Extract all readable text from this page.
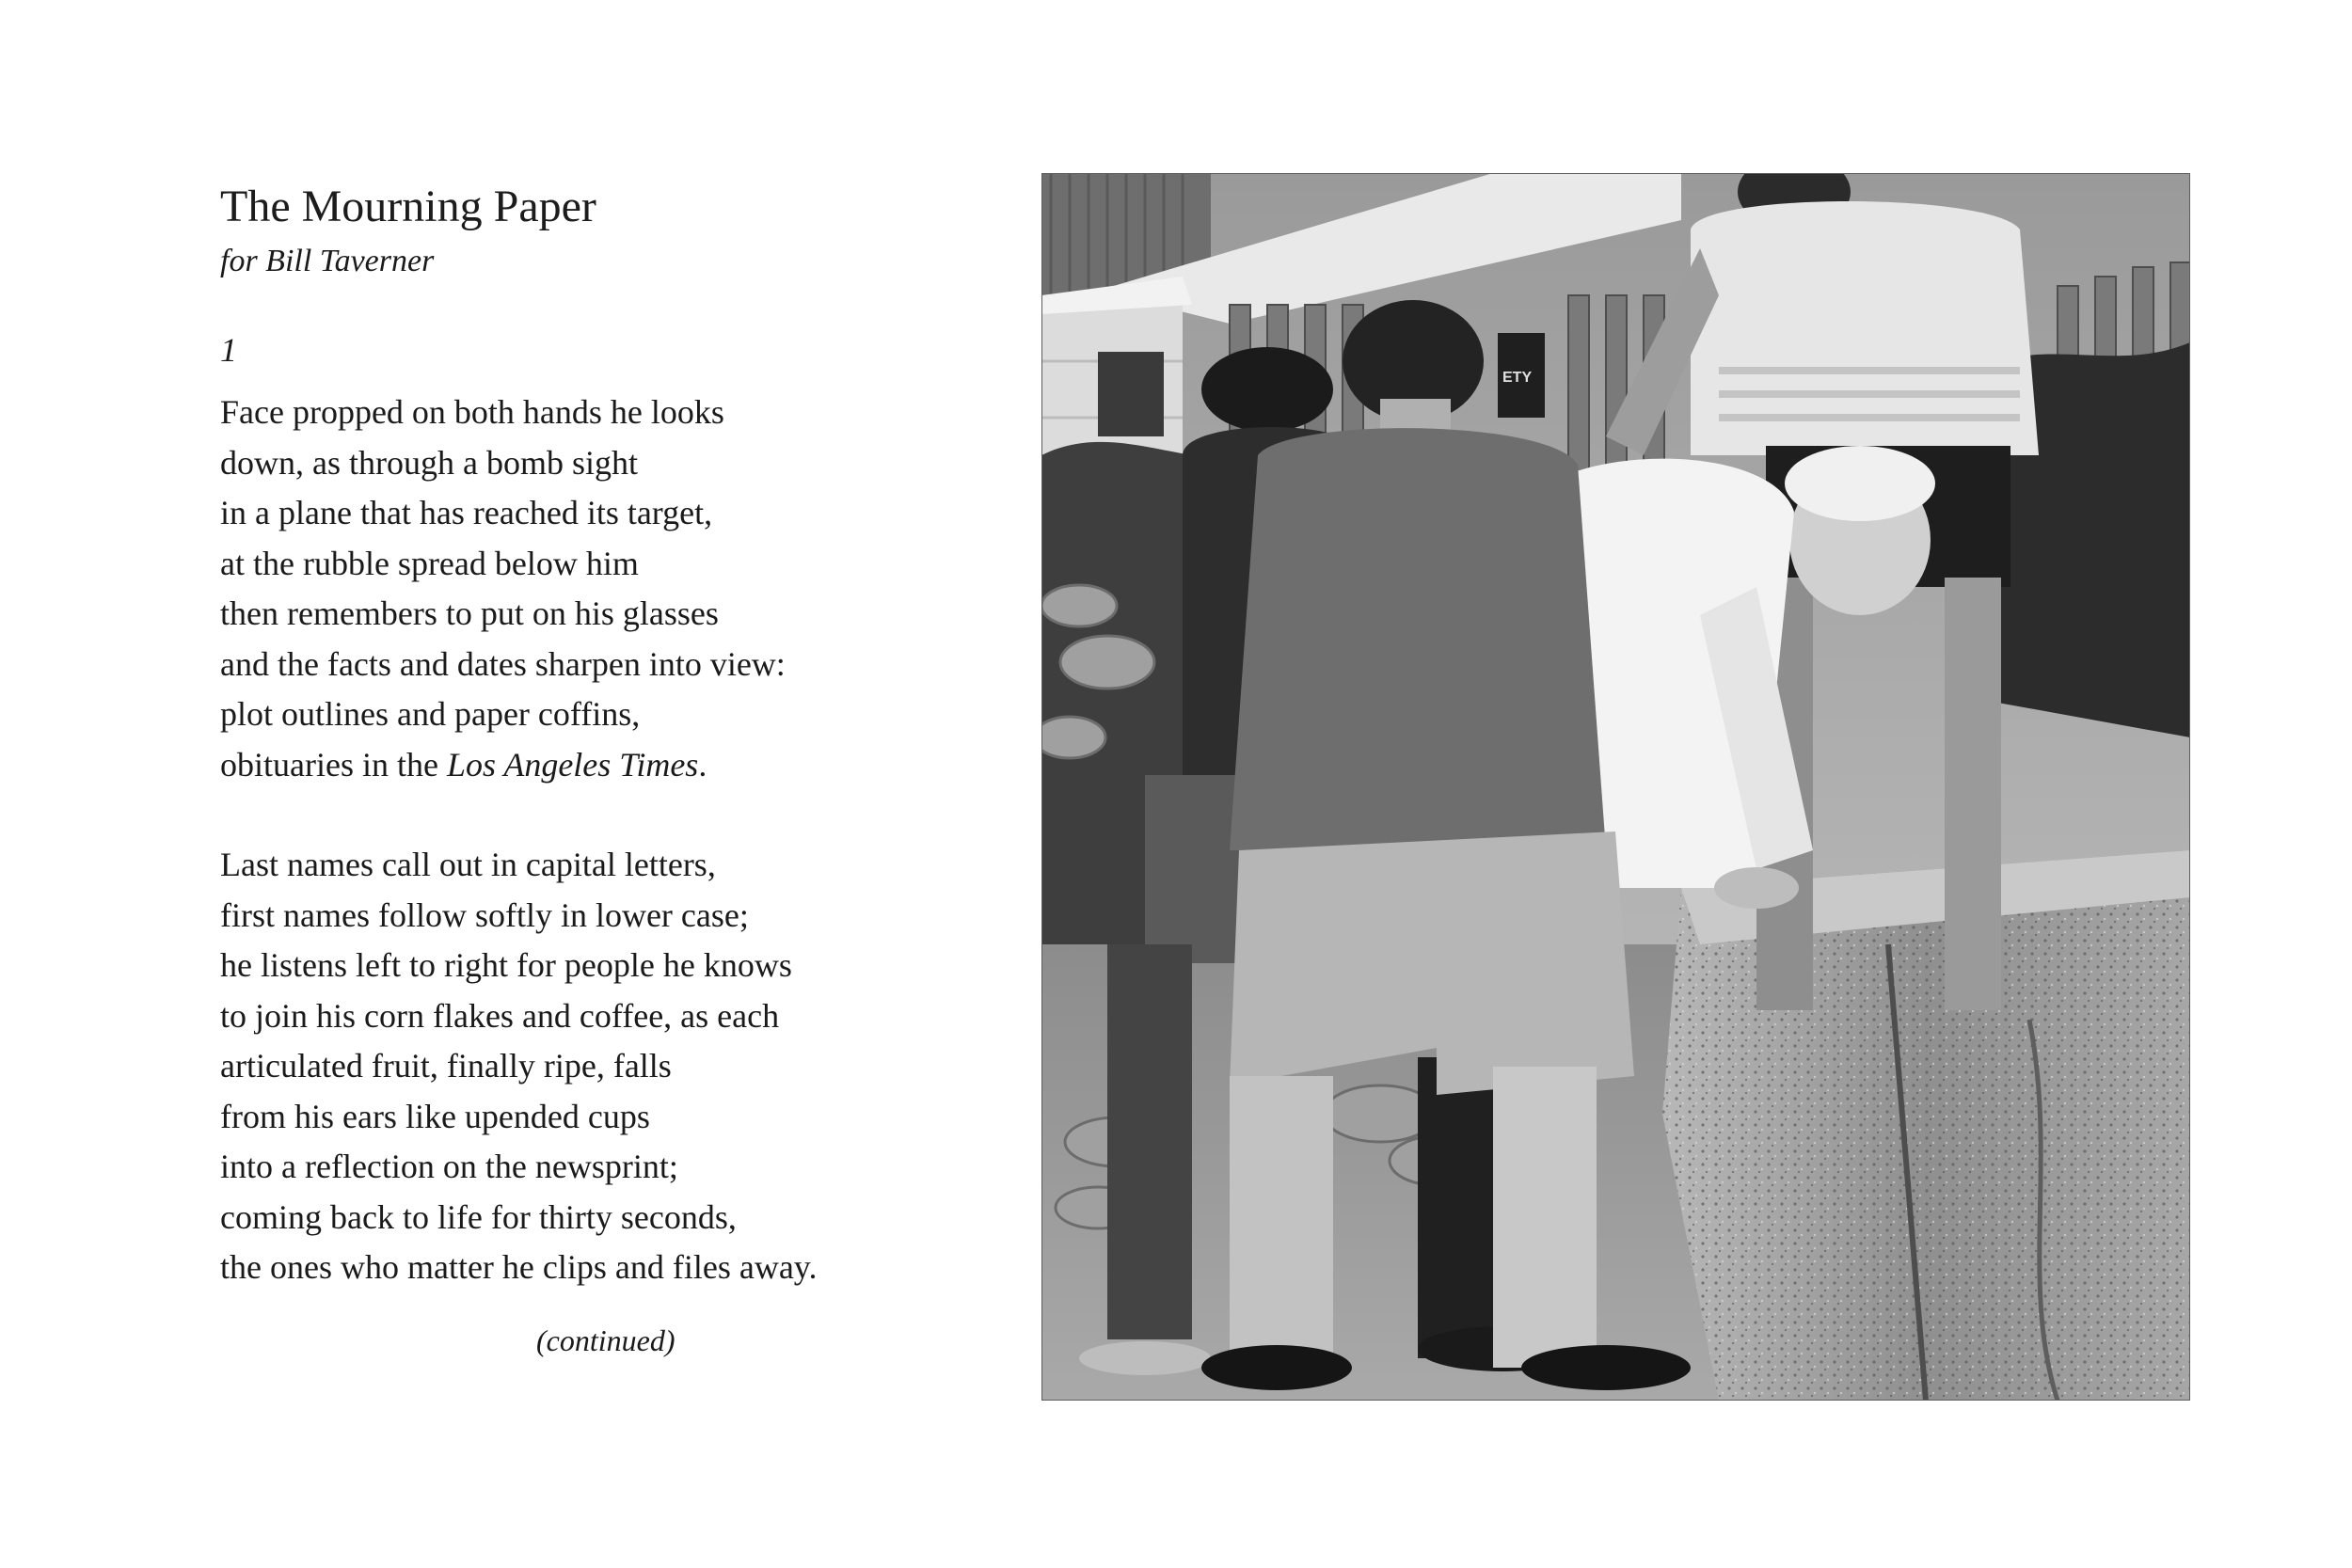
The Mourning Paper
for Bill Taverner
1

Face propped on both hands he looks
down, as through a bomb sight
in a plane that has reached its target,
at the rubble spread below him
then remembers to put on his glasses
and the facts and dates sharpen into view:
plot outlines and paper coffins,
obituaries in the Los Angeles Times.

Last names call out in capital letters,
first names follow softly in lower case;
he listens left to right for people he knows
to join his corn flakes and coffee, as each
articulated fruit, finally ripe, falls
from his ears like upended cups
into a reflection on the newsprint;
coming back to life for thirty seconds,
the ones who matter he clips and files away.

(continued)
ETY
